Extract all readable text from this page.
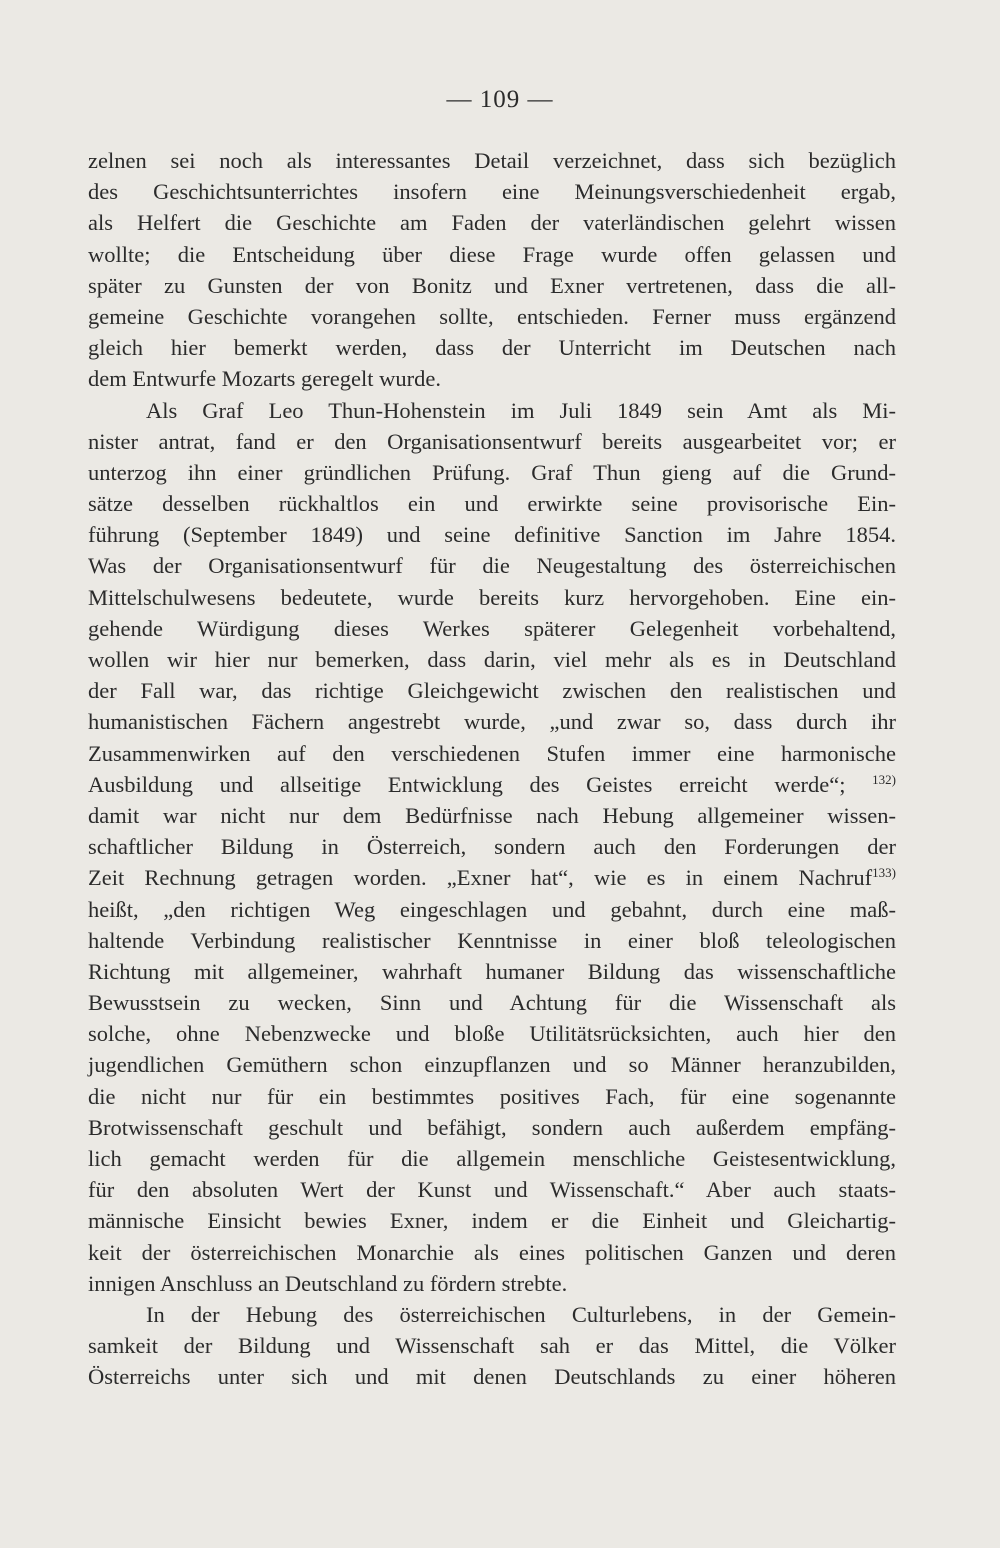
— 109 —
zelnen sei noch als interessantes Detail verzeichnet, dass sich bezüglich
des Geschichtsunterrichtes insofern eine Meinungsverschiedenheit ergab,
als Helfert die Geschichte am Faden der vaterländischen gelehrt wissen
wollte; die Entscheidung über diese Frage wurde offen gelassen und
später zu Gunsten der von Bonitz und Exner vertretenen, dass die all-
gemeine Geschichte vorangehen sollte, entschieden. Ferner muss ergänzend
gleich hier bemerkt werden, dass der Unterricht im Deutschen nach
dem Entwurfe Mozarts geregelt wurde.
Als Graf Leo Thun-Hohenstein im Juli 1849 sein Amt als Mi-
nister antrat, fand er den Organisationsentwurf bereits ausgearbeitet vor; er
unterzog ihn einer gründlichen Prüfung. Graf Thun gieng auf die Grund-
sätze desselben rückhaltlos ein und erwirkte seine provisorische Ein-
führung (September 1849) und seine definitive Sanction im Jahre 1854.
Was der Organisationsentwurf für die Neugestaltung des österreichischen
Mittelschulwesens bedeutete, wurde bereits kurz hervorgehoben. Eine ein-
gehende Würdigung dieses Werkes späterer Gelegenheit vorbehaltend,
wollen wir hier nur bemerken, dass darin, viel mehr als es in Deutschland
der Fall war, das richtige Gleichgewicht zwischen den realistischen und
humanistischen Fächern angestrebt wurde, „und zwar so, dass durch ihr
Zusammenwirken auf den verschiedenen Stufen immer eine harmonische
Ausbildung und allseitige Entwicklung des Geistes erreicht werde“; $^{132)}$
damit war nicht nur dem Bedürfnisse nach Hebung allgemeiner wissen-
schaftlicher Bildung in Österreich, sondern auch den Forderungen der
Zeit Rechnung getragen worden. „Exner hat“, wie es in einem Nachruf$^{133)}$
heißt, „den richtigen Weg eingeschlagen und gebahnt, durch eine maß-
haltende Verbindung realistischer Kenntnisse in einer bloß teleologischen
Richtung mit allgemeiner, wahrhaft humaner Bildung das wissenschaftliche
Bewusstsein zu wecken, Sinn und Achtung für die Wissenschaft als
solche, ohne Nebenzwecke und bloße Utilitätsrücksichten, auch hier den
jugendlichen Gemüthern schon einzupflanzen und so Männer heranzubilden,
die nicht nur für ein bestimmtes positives Fach, für eine sogenannte
Brotwissenschaft geschult und befähigt, sondern auch außerdem empfäng-
lich gemacht werden für die allgemein menschliche Geistesentwicklung,
für den absoluten Wert der Kunst und Wissenschaft.“ Aber auch staats-
männische Einsicht bewies Exner, indem er die Einheit und Gleichartig-
keit der österreichischen Monarchie als eines politischen Ganzen und deren
innigen Anschluss an Deutschland zu fördern strebte.
In der Hebung des österreichischen Culturlebens, in der Gemein-
samkeit der Bildung und Wissenschaft sah er das Mittel, die Völker
Österreichs unter sich und mit denen Deutschlands zu einer höheren
